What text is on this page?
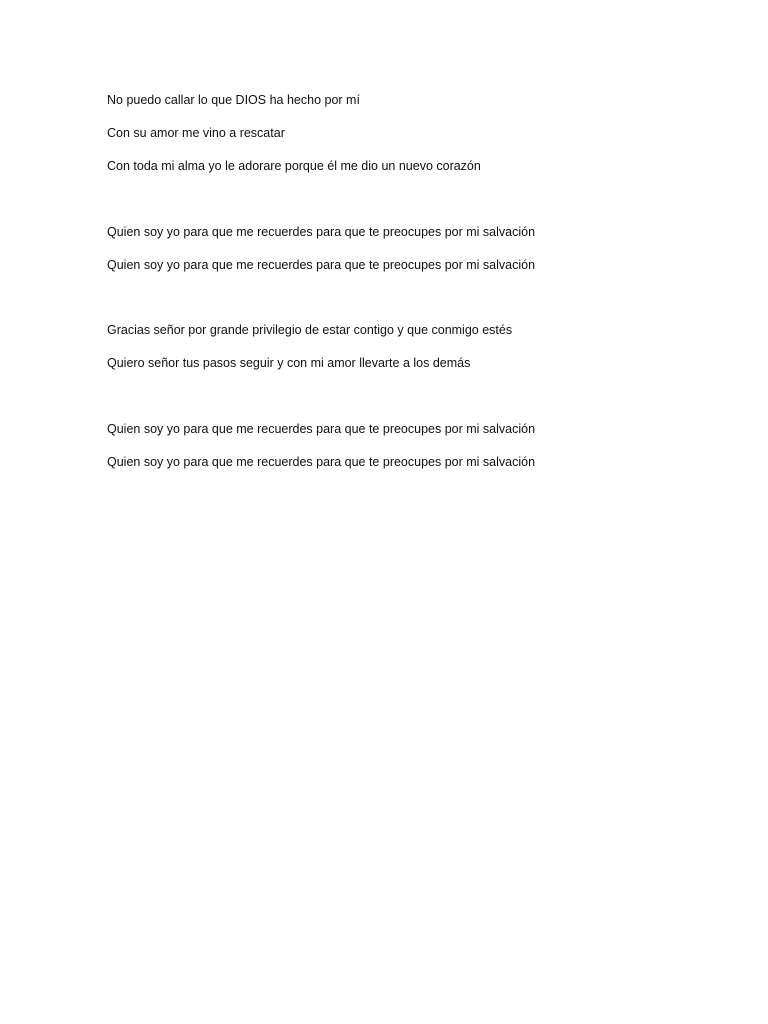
No puedo callar lo que DIOS ha hecho por mí
Con su amor me vino a rescatar
Con toda mi alma yo le adorare porque él me dio un nuevo corazón
Quien soy yo para que me recuerdes para que te preocupes por mi salvación
Quien soy yo para que me recuerdes para que te preocupes por mi salvación
Gracias señor por grande privilegio de estar contigo y que conmigo estés
Quiero señor tus pasos seguir y con mi amor llevarte a los demás
Quien soy yo para que me recuerdes para que te preocupes por mi salvación
Quien soy yo para que me recuerdes para que te preocupes por mi salvación
